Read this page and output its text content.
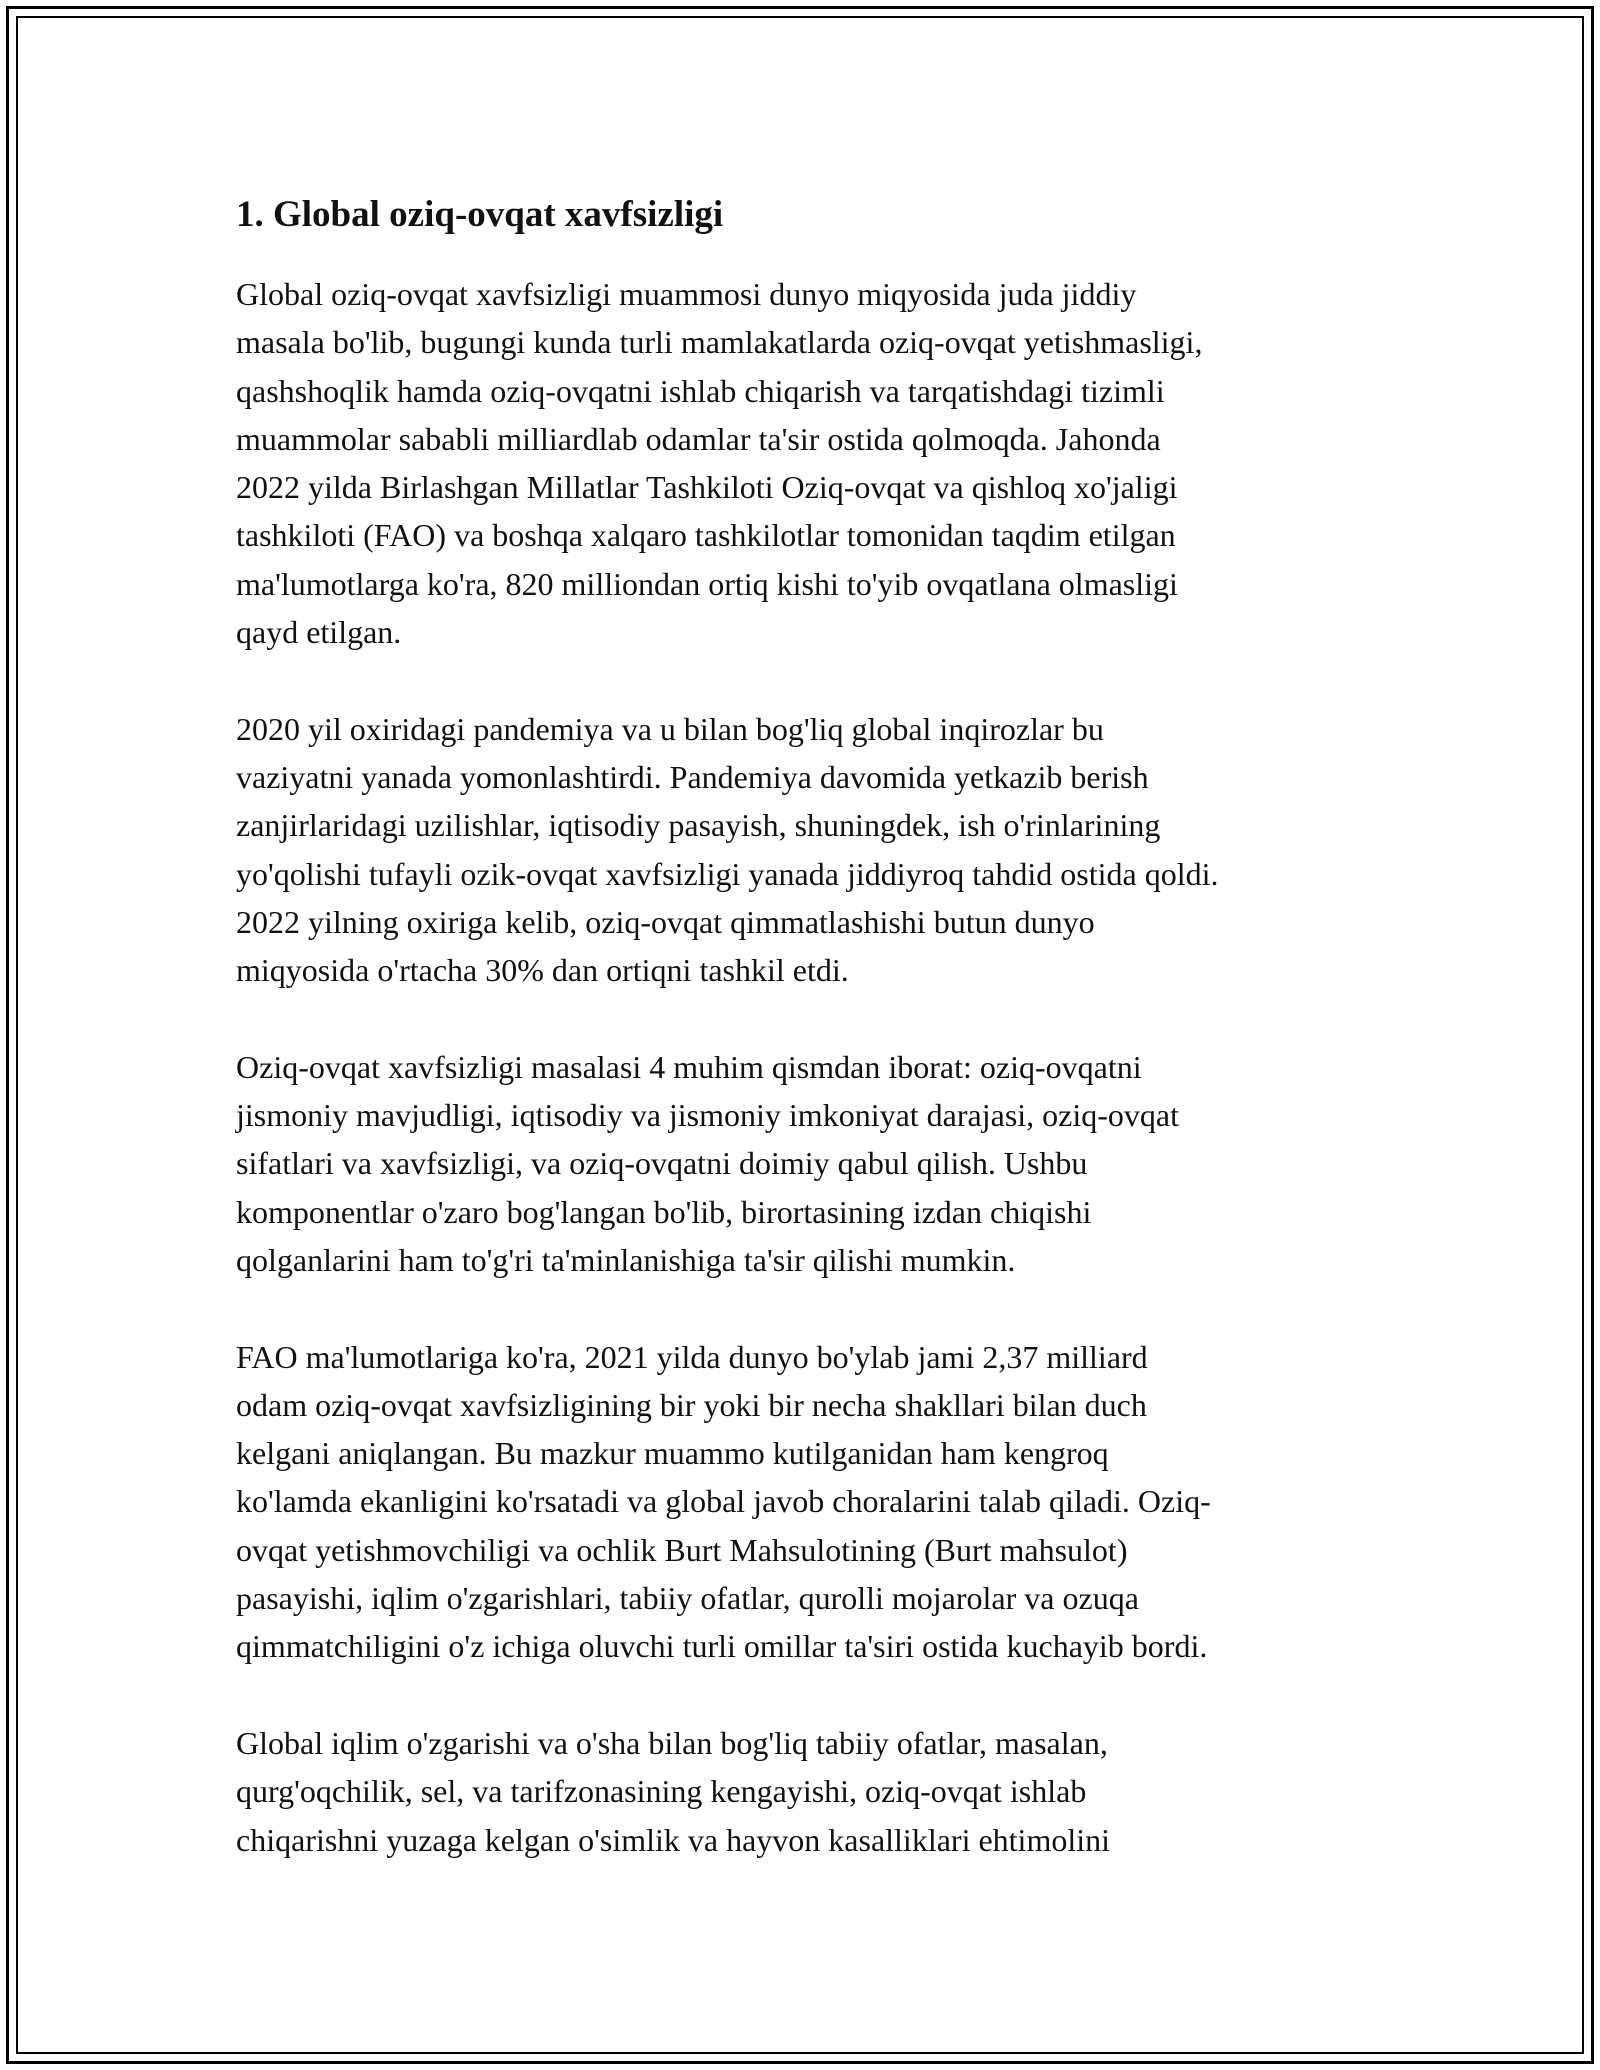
1. Global oziq-ovqat xavfsizligi

Global oziq-ovqat xavfsizligi muammosi dunyo miqyosida juda jiddiy
masala bo'lib, bugungi kunda turli mamlakatlarda oziq-ovqat yetishmasligi,
qashshoqlik hamda oziq-ovqatni ishlab chiqarish va tarqatishdagi tizimli
muammolar sababli milliardlab odamlar ta'sir ostida qolmoqda. Jahonda
2022 yilda Birlashgan Millatlar Tashkiloti Oziq-ovqat va qishloq xo'jaligi
tashkiloti (FAO) va boshqa xalqaro tashkilotlar tomonidan taqdim etilgan
ma'lumotlarga ko'ra, 820 milliondan ortiq kishi to'yib ovqatlana olmasligi
qayd etilgan.

2020 yil oxiridagi pandemiya va u bilan bog'liq global inqirozlar bu
vaziyatni yanada yomonlashtirdi. Pandemiya davomida yetkazib berish
zanjirlaridagi uzilishlar, iqtisodiy pasayish, shuningdek, ish o'rinlarining
yo'qolishi tufayli ozik-ovqat xavfsizligi yanada jiddiyroq tahdid ostida qoldi.
2022 yilning oxiriga kelib, oziq-ovqat qimmatlashishi butun dunyo
miqyosida o'rtacha 30% dan ortiqni tashkil etdi.

Oziq-ovqat xavfsizligi masalasi 4 muhim qismdan iborat: oziq-ovqatni
jismoniy mavjudligi, iqtisodiy va jismoniy imkoniyat darajasi, oziq-ovqat
sifatlari va xavfsizligi, va oziq-ovqatni doimiy qabul qilish. Ushbu
komponentlar o'zaro bog'langan bo'lib, birortasining izdan chiqishi
qolganlarini ham to'g'ri ta'minlanishiga ta'sir qilishi mumkin.

FAO ma'lumotlariga ko'ra, 2021 yilda dunyo bo'ylab jami 2,37 milliard
odam oziq-ovqat xavfsizligining bir yoki bir necha shakllari bilan duch
kelgani aniqlangan. Bu mazkur muammo kutilganidan ham kengroq
ko'lamda ekanligini ko'rsatadi va global javob choralarini talab qiladi. Oziq-
ovqat yetishmovchiligi va ochlik Burt Mahsulotining (Burt mahsulot)
pasayishi, iqlim o'zgarishlari, tabiiy ofatlar, qurolli mojarolar va ozuqa
qimmatchiligini o'z ichiga oluvchi turli omillar ta'siri ostida kuchayib bordi.

Global iqlim o'zgarishi va o'sha bilan bog'liq tabiiy ofatlar, masalan,
qurg'oqchilik, sel, va tarifzonasining kengayishi, oziq-ovqat ishlab
chiqarishni yuzaga kelgan o'simlik va hayvon kasalliklari ehtimolini
